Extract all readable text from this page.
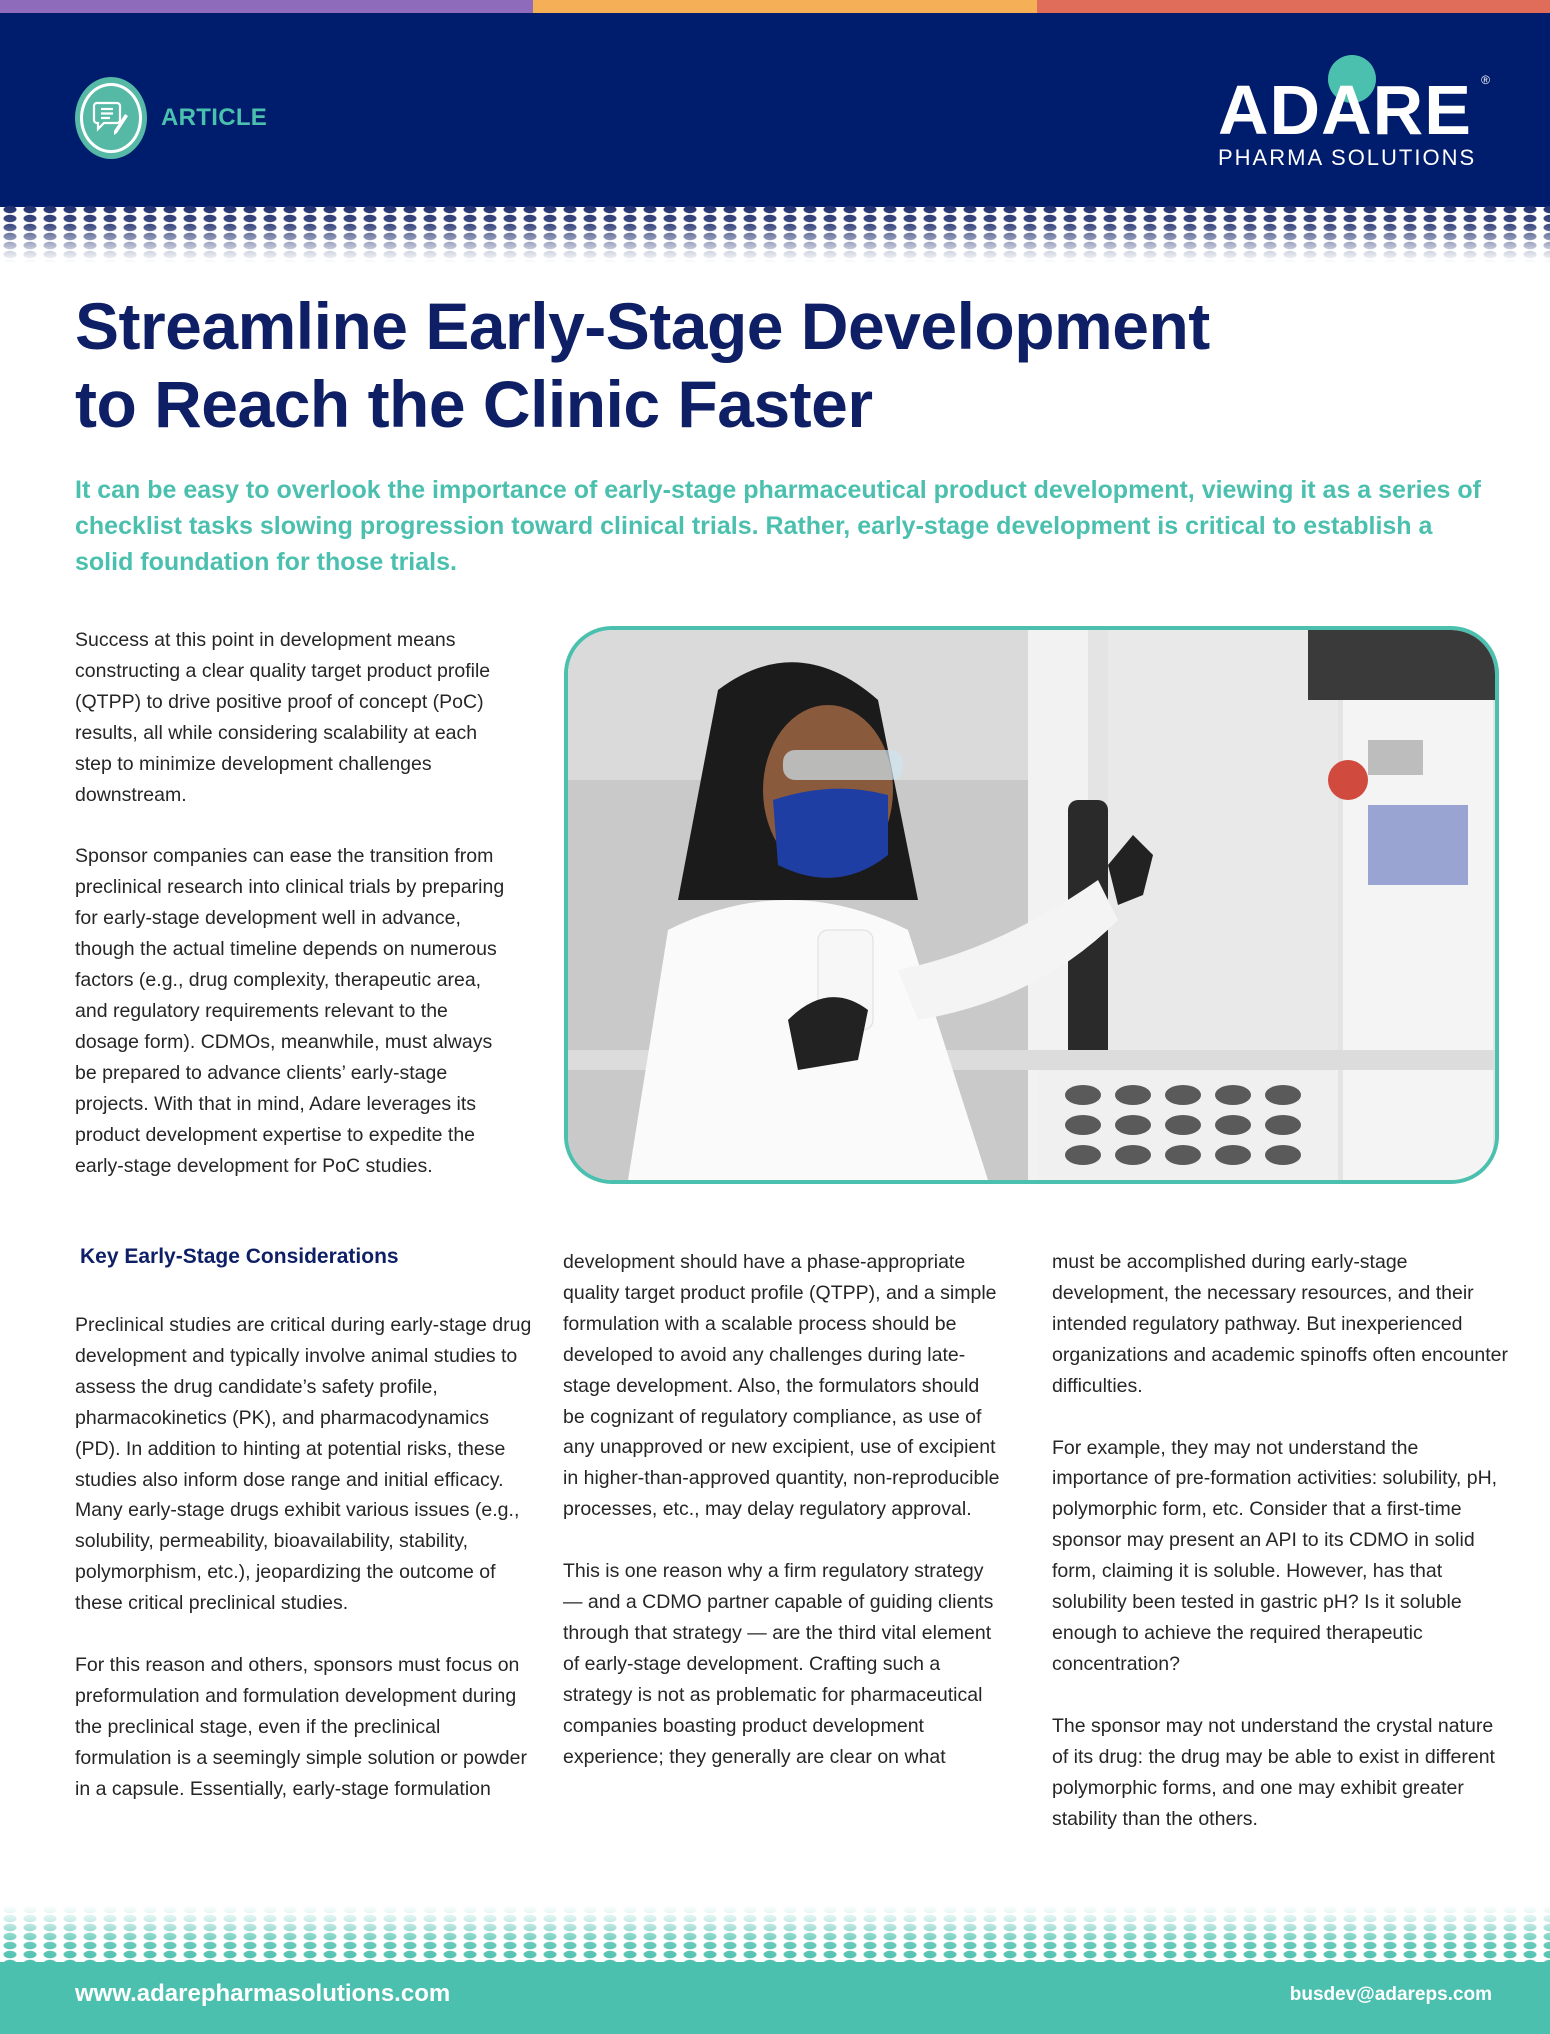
ARTICLE	ADARE ®
PHARMA SOLUTIONS
Streamline Early-Stage Development
to Reach the Clinic Faster

It can be easy to overlook the importance of early-stage pharmaceutical product development, viewing it as a series of checklist tasks slowing progression toward clinical trials. Rather, early-stage development is critical to establish a solid foundation for those trials.

Success at this point in development means constructing a clear quality target product profile (QTPP) to drive positive proof of concept (PoC) results, all while considering scalability at each step to minimize development challenges downstream.

Sponsor companies can ease the transition from preclinical research into clinical trials by preparing for early-stage development well in advance, though the actual timeline depends on numerous factors (e.g., drug complexity, therapeutic area, and regulatory requirements relevant to the dosage form). CDMOs, meanwhile, must always be prepared to advance clients’ early-stage projects. With that in mind, Adare leverages its product development expertise to expedite the early-stage development for PoC studies.

Key Early-Stage Considerations

Preclinical studies are critical during early-stage drug development and typically involve animal studies to assess the drug candidate’s safety profile, pharmacokinetics (PK), and pharmacodynamics (PD). In addition to hinting at potential risks, these studies also inform dose range and initial efficacy. Many early-stage drugs exhibit various issues (e.g., solubility, permeability, bioavailability, stability, polymorphism, etc.), jeopardizing the outcome of these critical preclinical studies.

For this reason and others, sponsors must focus on preformulation and formulation development during the preclinical stage, even if the preclinical formulation is a seemingly simple solution or powder in a capsule. Essentially, early-stage formulation

development should have a phase-appropriate quality target product profile (QTPP), and a simple formulation with a scalable process should be developed to avoid any challenges during late-stage development. Also, the formulators should be cognizant of regulatory compliance, as use of any unapproved or new excipient, use of excipient in higher-than-approved quantity, non-reproducible processes, etc., may delay regulatory approval.

This is one reason why a firm regulatory strategy — and a CDMO partner capable of guiding clients through that strategy — are the third vital element of early-stage development. Crafting such a strategy is not as problematic for pharmaceutical companies boasting product development experience; they generally are clear on what

must be accomplished during early-stage development, the necessary resources, and their intended regulatory pathway. But inexperienced organizations and academic spinoffs often encounter difficulties.

For example, they may not understand the importance of pre-formation activities: solubility, pH, polymorphic form, etc. Consider that a first-time sponsor may present an API to its CDMO in solid form, claiming it is soluble. However, has that solubility been tested in gastric pH? Is it soluble enough to achieve the required therapeutic concentration?

The sponsor may not understand the crystal nature of its drug: the drug may be able to exist in different polymorphic forms, and one may exhibit greater stability than the others.

www.adarepharmasolutions.com	busdev@adareps.com
